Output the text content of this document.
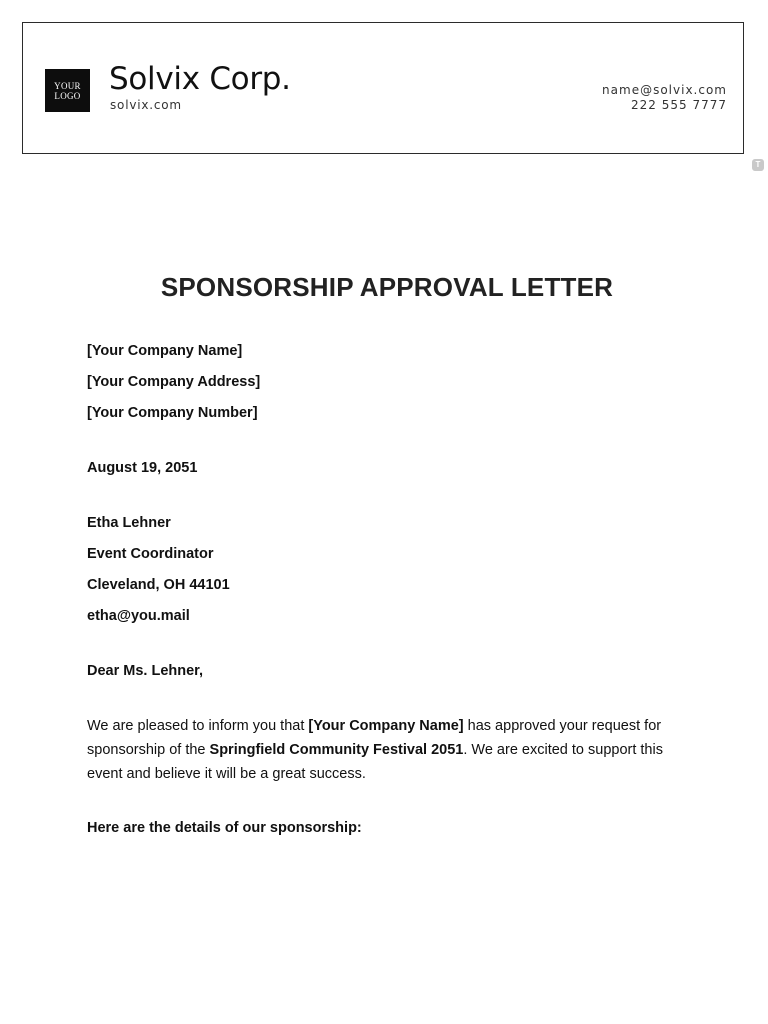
YOUR
LOGO Solvix Corp.
solvix.com
name@solvix.com
222 555 7777
T
SPONSORSHIP APPROVAL LETTER
[Your Company Name]
[Your Company Address]
[Your Company Number]
August 19, 2051
Etha Lehner
Event Coordinator
Cleveland, OH 44101
etha@you.mail
Dear Ms. Lehner,
We are pleased to inform you that [Your Company Name] has approved your request for sponsorship of the Springfield Community Festival 2051. We are excited to support this event and believe it will be a great success.
Here are the details of our sponsorship:
